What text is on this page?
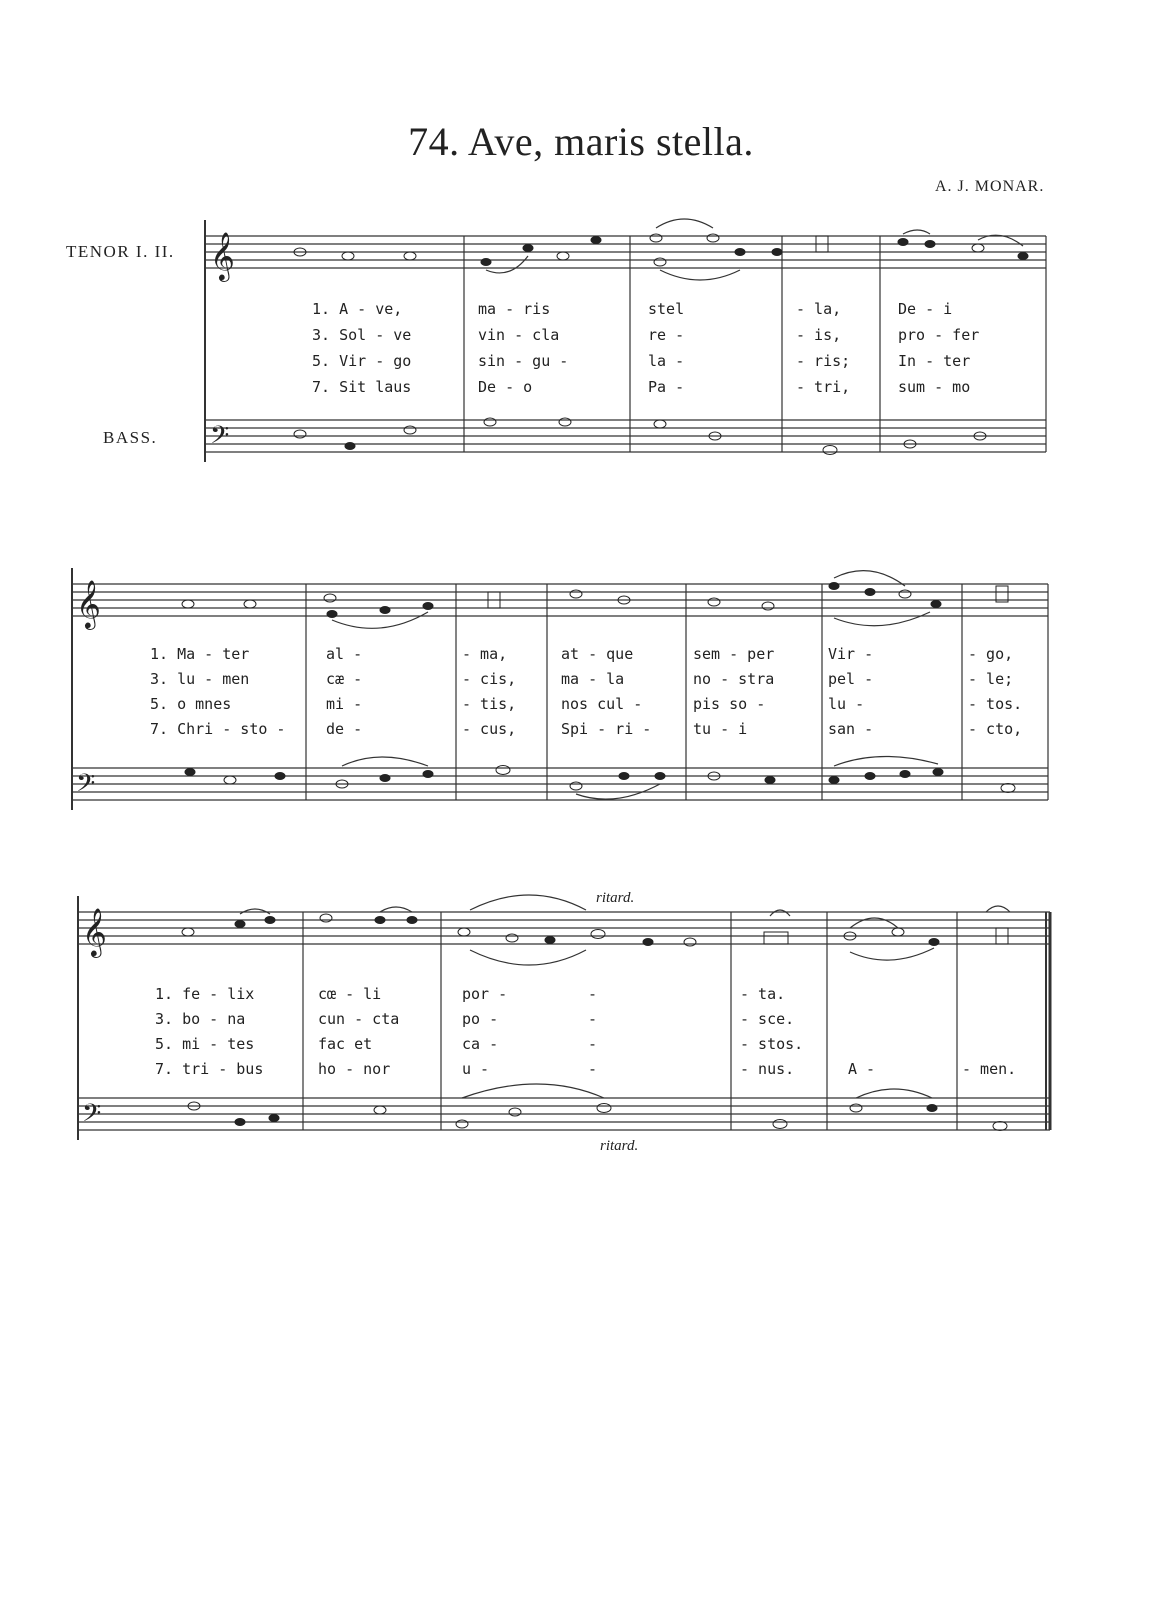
74. Ave, maris stella.
A. J. MONAR.
TENOR I. II.
BASS.
ritard.
ritard.
𝄞
𝄢
1. A - ve,	ma - ris	stel	- la,	De - i
3. Sol - ve	vin - cla	re -	- is,	pro - fer
5. Vir - go	sin - gu -	la -	- ris;	In - ter
7. Sit laus	De - o	Pa -	- tri,	sum - mo
𝄞
𝄢
1. Ma - ter	al -	- ma,	at - que	sem - per	Vir -	- go,
3. lu - men	cæ -	- cis,	ma - la	no - stra	pel -	- le;
5. o mnes	mi -	- tis,	nos cul -	pis so -	lu -	- tos.
7. Chri - sto -	de -	- cus,	Spi - ri -	tu - i	san -	- cto,
𝄞
𝄢
1. fe - lix	cœ - li	por -	-	- ta.
3. bo - na	cun - cta	po -	-	- sce.
5. mi - tes	fac et	ca -	-	- stos.
7. tri - bus	ho - nor	u -	-	- nus.	A -	- men.
